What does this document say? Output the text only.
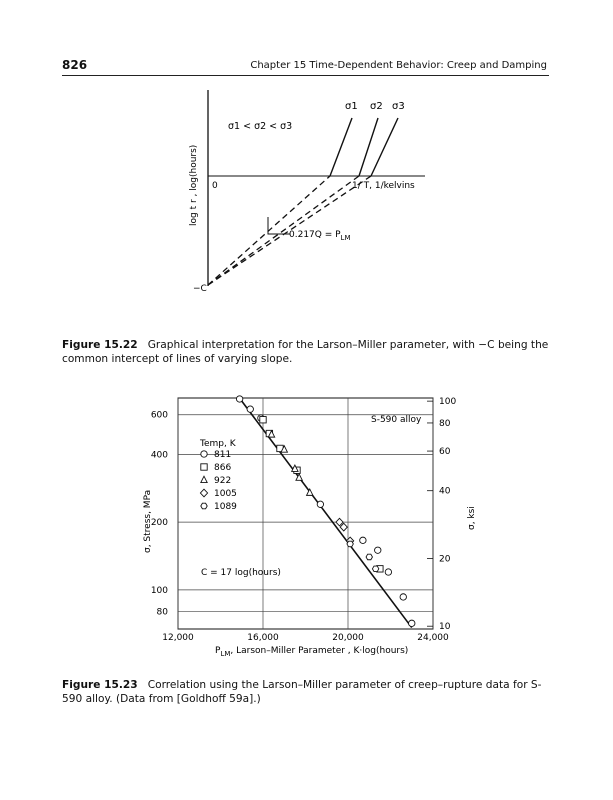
826	Chapter 15 Time-Dependent Behavior: Creep and Damping
σ1 < σ2 < σ3
σ1 σ2 σ3
0	1/ T, 1/kelvins
$0.217Q = P_{LM}$
−C
log t r , log(hours)
Figure 15.22 Graphical interpretation for the Larson–Miller parameter, with −C being the common intercept of lines of varying slope.
12,000	16,000	20,000	24,000
600
400
200
100
80
100
80
60
40
20
10
Temp, K
811
866
922
1005
1089
S-590 alloy
C = 17 log(hours)
$P_{LM}$, Larson–Miller Parameter , K·log(hours)
σ, Stress, MPa	σ, ksi
Figure 15.23 Correlation using the Larson–Miller parameter of creep–rupture data for S-590 alloy. (Data from [Goldhoff 59a].)
